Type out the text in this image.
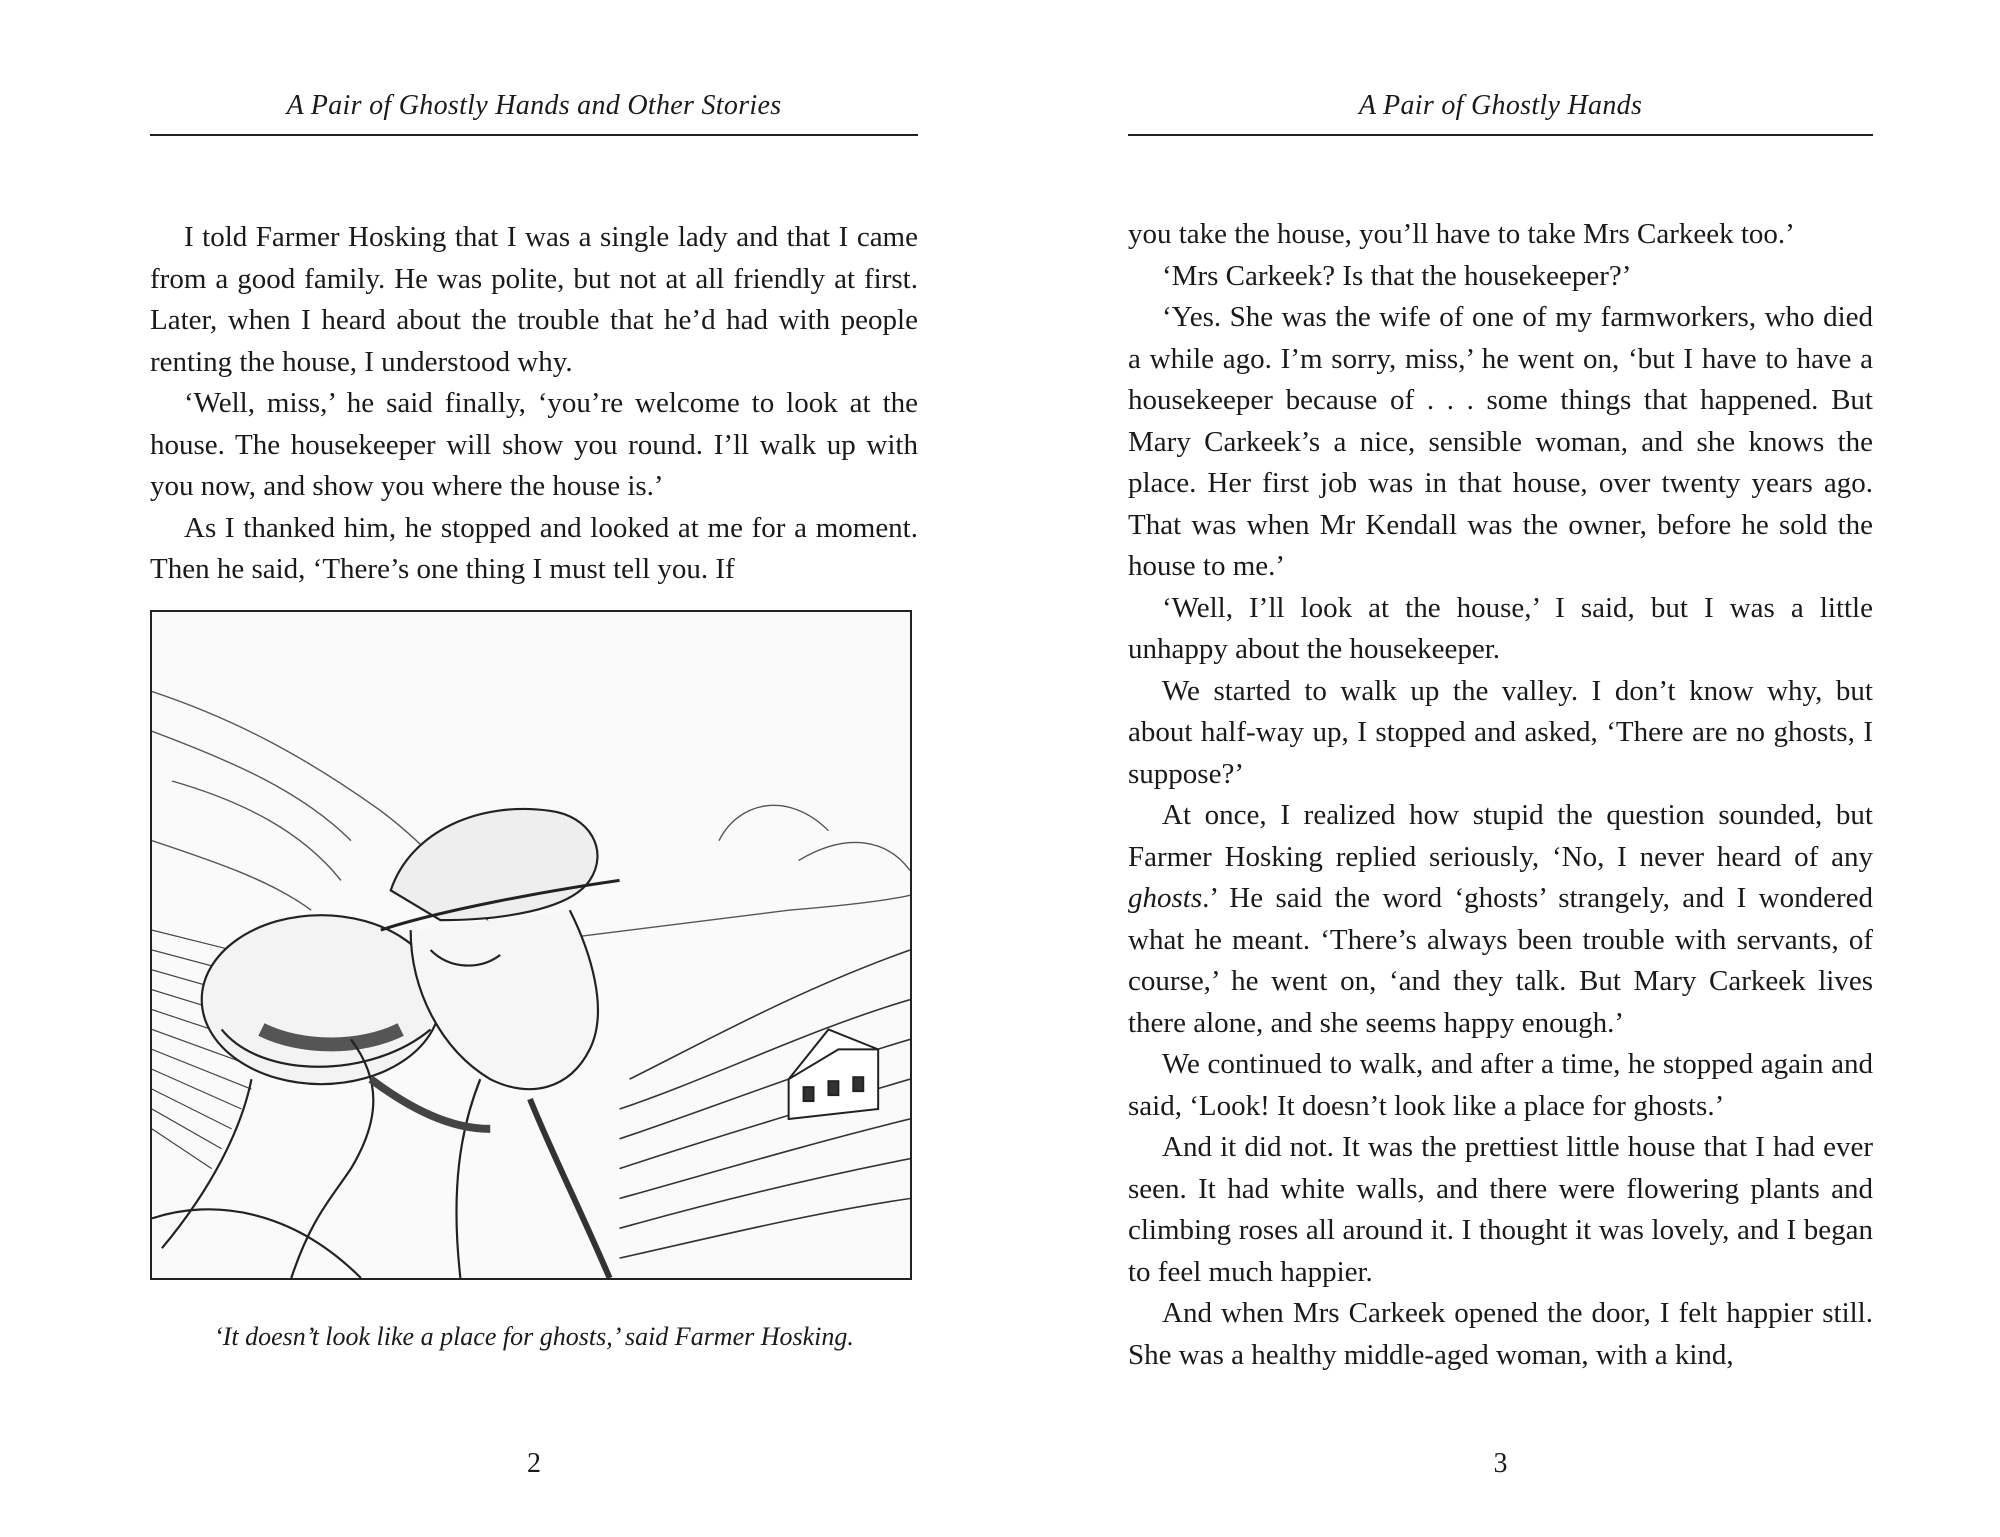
A Pair of Ghostly Hands and Other Stories

I told Farmer Hosking that I was a single lady and that I came from a good family. He was polite, but not at all friendly at first. Later, when I heard about the trouble that he’d had with people renting the house, I understood why.

‘Well, miss,’ he said finally, ‘you’re welcome to look at the house. The housekeeper will show you round. I’ll walk up with you now, and show you where the house is.’

As I thanked him, he stopped and looked at me for a moment. Then he said, ‘There’s one thing I must tell you. If

‘It doesn’t look like a place for ghosts,’ said Farmer Hosking.
2
A Pair of Ghostly Hands

you take the house, you’ll have to take Mrs Carkeek too.’

‘Mrs Carkeek? Is that the housekeeper?’

‘Yes. She was the wife of one of my farmworkers, who died a while ago. I’m sorry, miss,’ he went on, ‘but I have to have a housekeeper because of . . . some things that happened. But Mary Carkeek’s a nice, sensible woman, and she knows the place. Her first job was in that house, over twenty years ago. That was when Mr Kendall was the owner, before he sold the house to me.’

‘Well, I’ll look at the house,’ I said, but I was a little unhappy about the housekeeper.

We started to walk up the valley. I don’t know why, but about half-way up, I stopped and asked, ‘There are no ghosts, I suppose?’

At once, I realized how stupid the question sounded, but Farmer Hosking replied seriously, ‘No, I never heard of any ghosts.’ He said the word ‘ghosts’ strangely, and I wondered what he meant. ‘There’s always been trouble with servants, of course,’ he went on, ‘and they talk. But Mary Carkeek lives there alone, and she seems happy enough.’

We continued to walk, and after a time, he stopped again and said, ‘Look! It doesn’t look like a place for ghosts.’

And it did not. It was the prettiest little house that I had ever seen. It had white walls, and there were flowering plants and climbing roses all around it. I thought it was lovely, and I began to feel much happier.

And when Mrs Carkeek opened the door, I felt happier still. She was a healthy middle-aged woman, with a kind,

3
